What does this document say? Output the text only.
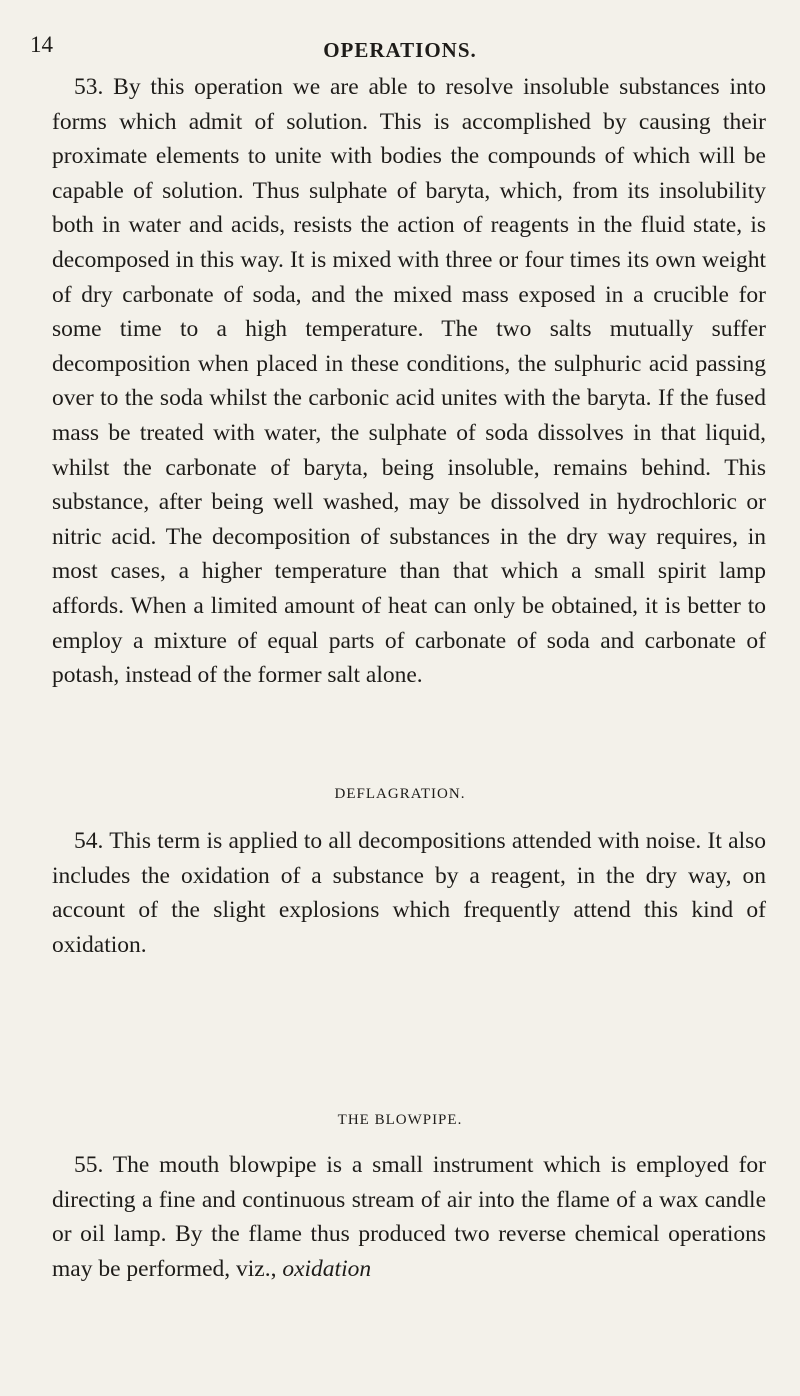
14	OPERATIONS.

53. By this operation we are able to resolve insoluble substances into forms which admit of solution. This is accomplished by causing their proximate elements to unite with bodies the compounds of which will be capable of solution. Thus sulphate of baryta, which, from its insolubility both in water and acids, resists the action of reagents in the fluid state, is decomposed in this way. It is mixed with three or four times its own weight of dry carbonate of soda, and the mixed mass exposed in a crucible for some time to a high temperature. The two salts mutually suffer decomposition when placed in these conditions, the sulphuric acid passing over to the soda whilst the carbonic acid unites with the baryta. If the fused mass be treated with water, the sulphate of soda dissolves in that liquid, whilst the carbonate of baryta, being insoluble, remains behind. This substance, after being well washed, may be dissolved in hydrochloric or nitric acid. The decomposition of substances in the dry way requires, in most cases, a higher temperature than that which a small spirit lamp affords. When a limited amount of heat can only be obtained, it is better to employ a mixture of equal parts of carbonate of soda and carbonate of potash, instead of the former salt alone.

DEFLAGRATION.

54. This term is applied to all decompositions attended with noise. It also includes the oxidation of a substance by a reagent, in the dry way, on account of the slight explosions which frequently attend this kind of oxidation.

THE BLOWPIPE.

55. The mouth blowpipe is a small instrument which is employed for directing a fine and continuous stream of air into the flame of a wax candle or oil lamp. By the flame thus produced two reverse chemical operations may be performed, viz., oxidation
